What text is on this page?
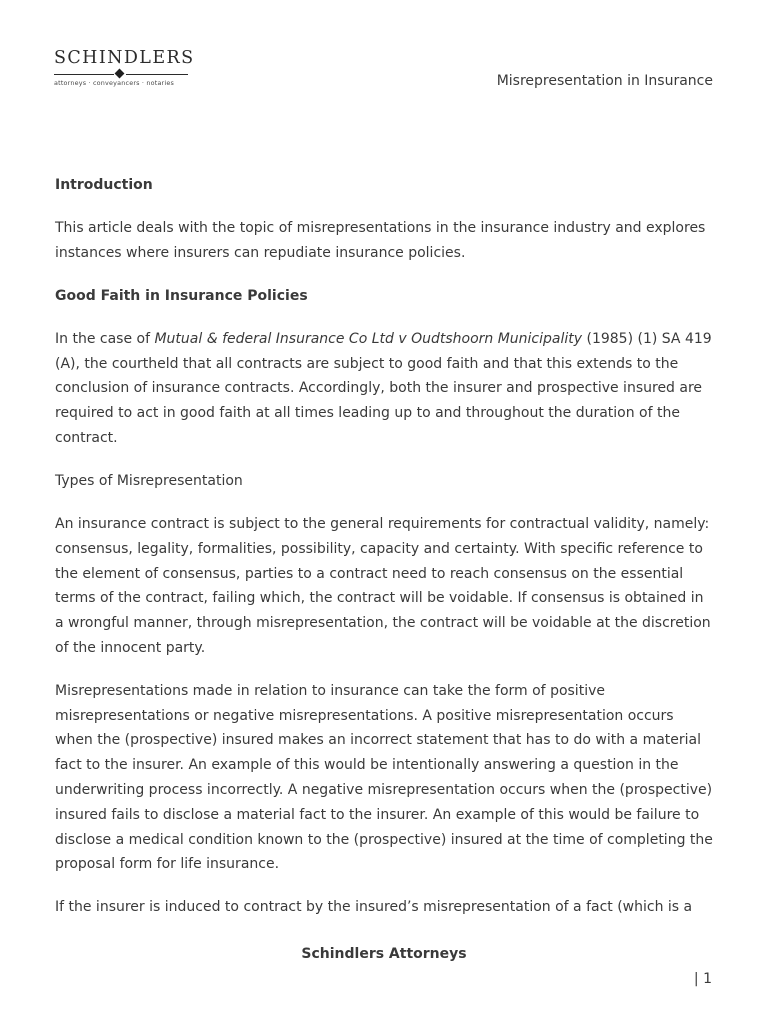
SCHINDLERS
attorneys · conveyancers · notaries	Misrepresentation in Insurance

Introduction

This article deals with the topic of misrepresentations in the insurance industry and explores instances where insurers can repudiate insurance policies.

Good Faith in Insurance Policies

In the case of Mutual & federal Insurance Co Ltd v Oudtshoorn Municipality (1985) (1) SA 419 (A), the courtheld that all contracts are subject to good faith and that this extends to the conclusion of insurance contracts. Accordingly, both the insurer and prospective insured are required to act in good faith at all times leading up to and throughout the duration of the contract.

Types of Misrepresentation

An insurance contract is subject to the general requirements for contractual validity, namely: consensus, legality, formalities, possibility, capacity and certainty. With specific reference to the element of consensus, parties to a contract need to reach consensus on the essential terms of the contract, failing which, the contract will be voidable. If consensus is obtained in a wrongful manner, through misrepresentation, the contract will be voidable at the discretion of the innocent party.

Misrepresentations made in relation to insurance can take the form of positive misrepresentations or negative misrepresentations. A positive misrepresentation occurs when the (prospective) insured makes an incorrect statement that has to do with a material fact to the insurer. An example of this would be intentionally answering a question in the underwriting process incorrectly. A negative misrepresentation occurs when the (prospective) insured fails to disclose a material fact to the insurer. An example of this would be failure to disclose a medical condition known to the (prospective) insured at the time of completing the proposal form for life insurance.

If the insurer is induced to contract by the insured’s misrepresentation of a fact (which is a

Schindlers Attorneys
| 1
